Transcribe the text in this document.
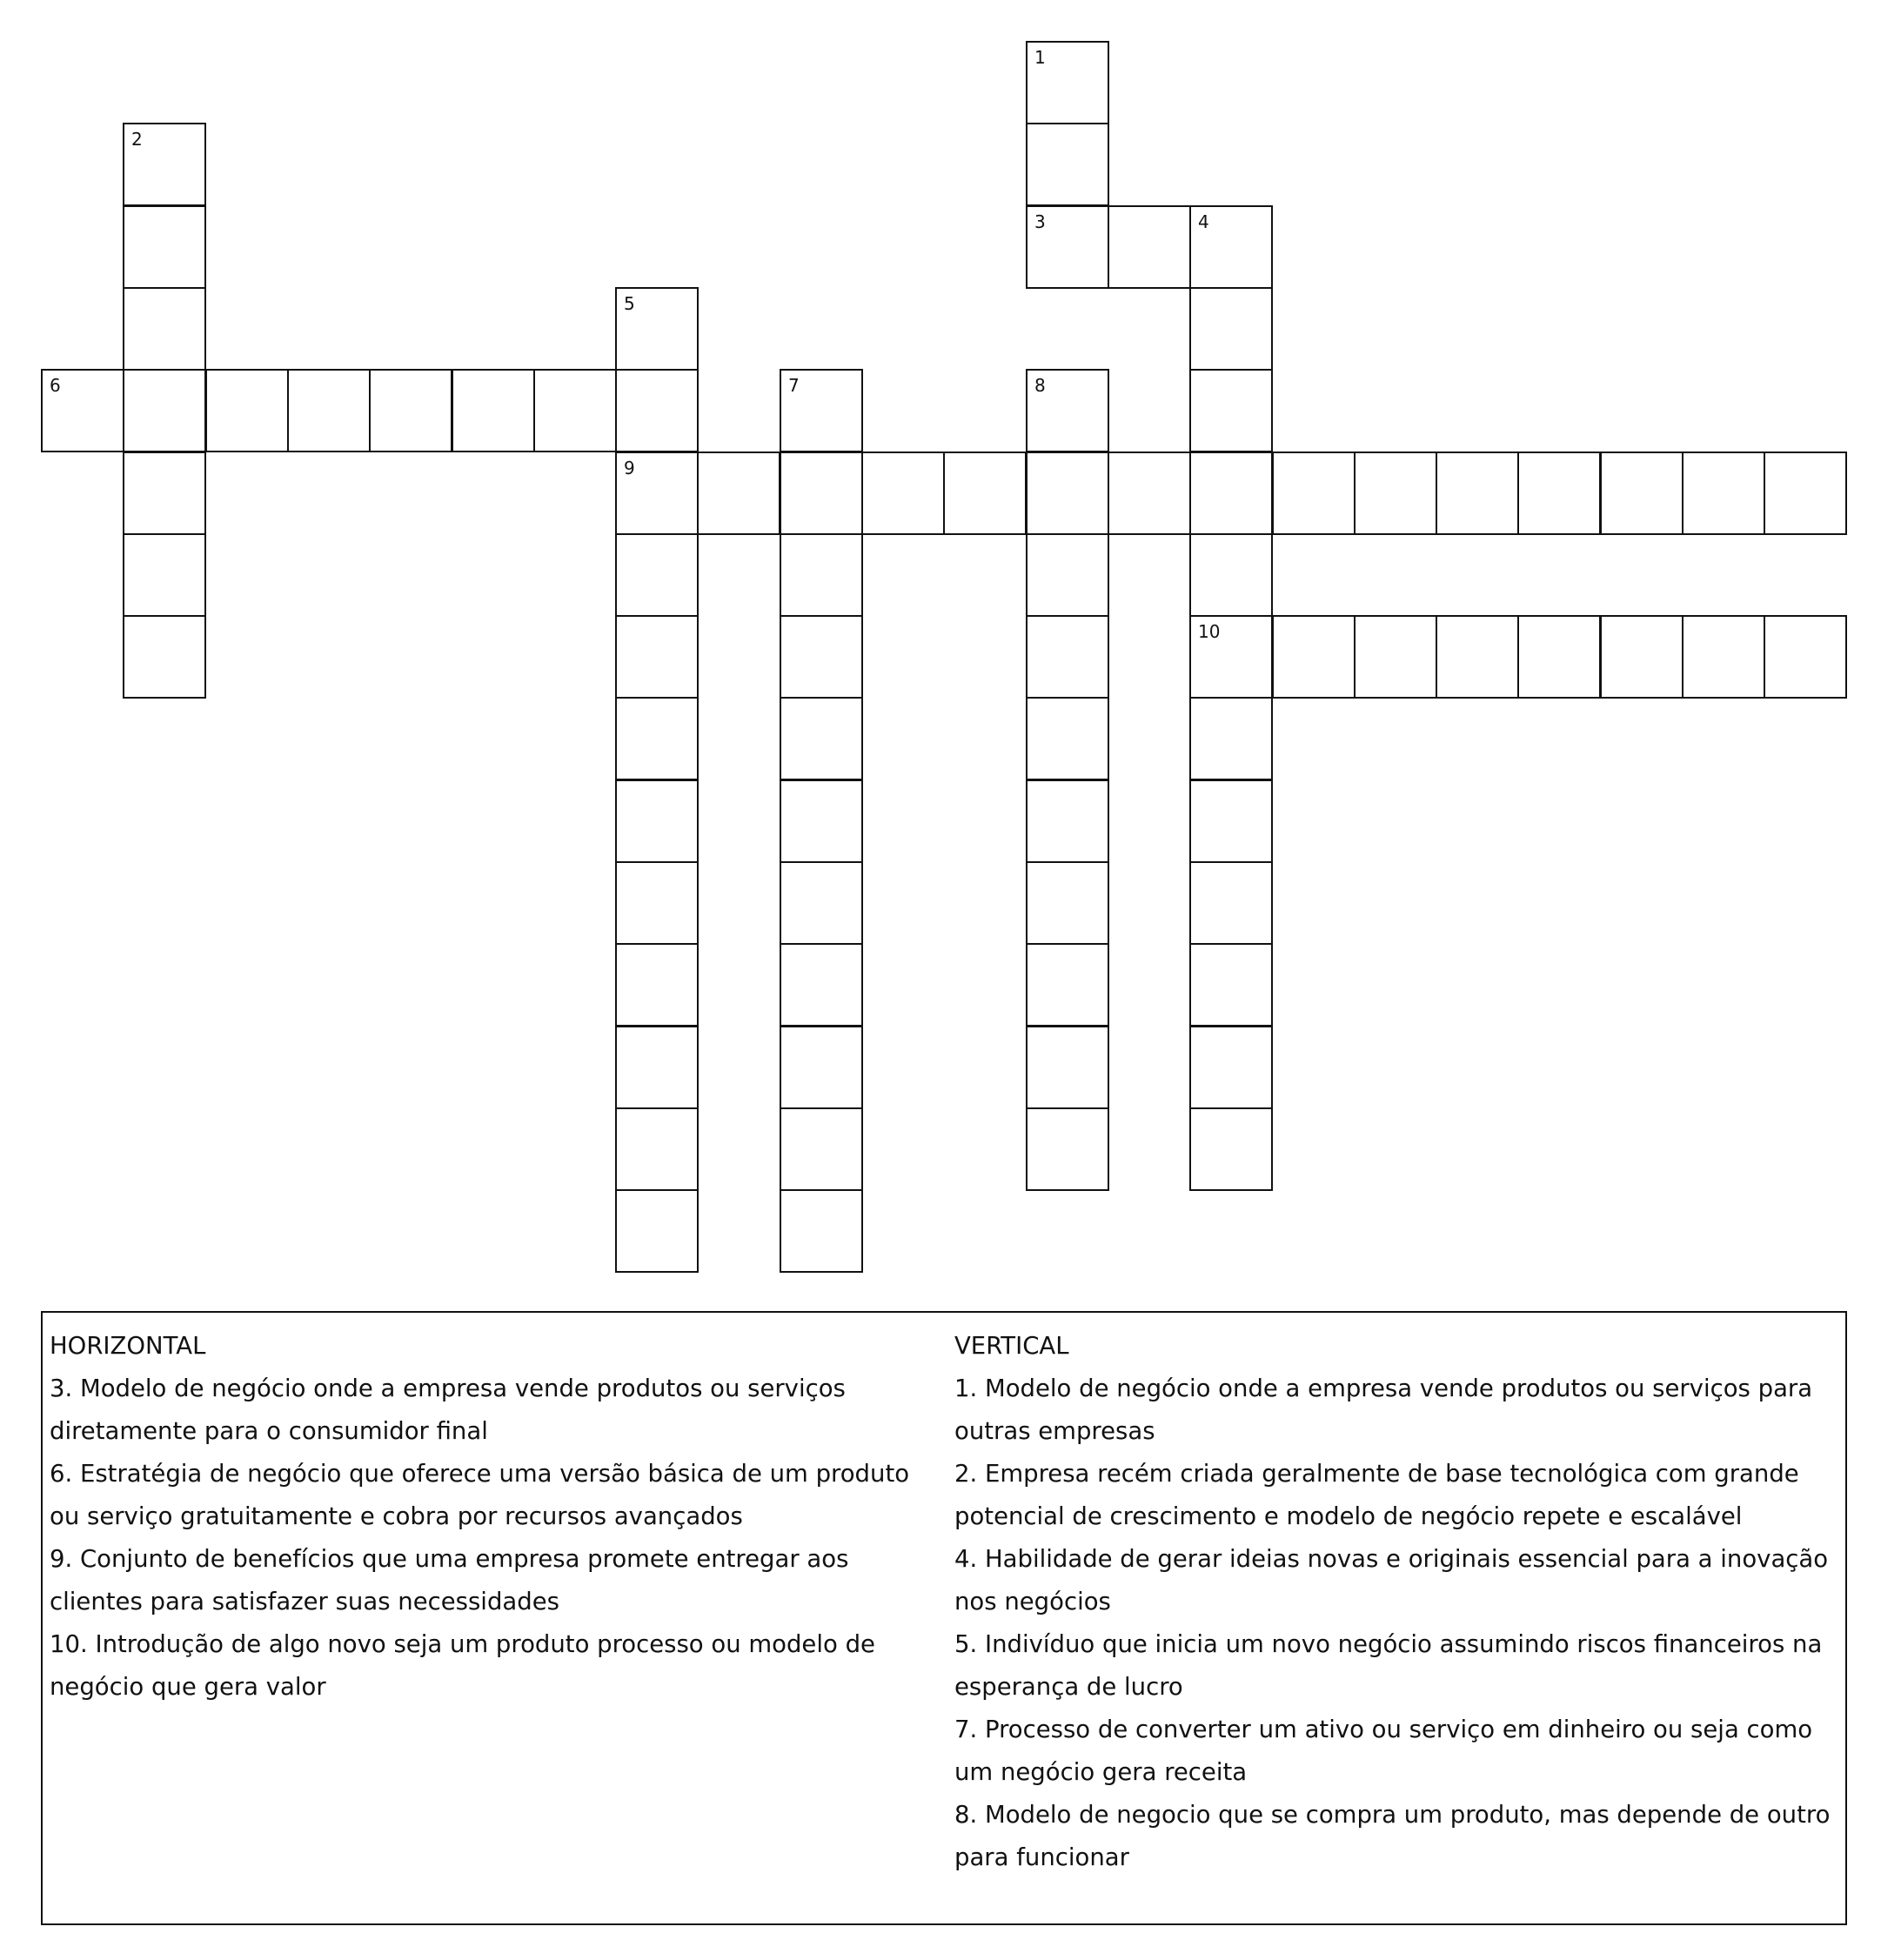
1
3	4
2
5
9
6	7	8
10
HORIZONTAL
3. Modelo de negócio onde a empresa vende produtos ou serviços diretamente para o consumidor final
6. Estratégia de negócio que oferece uma versão básica de um produto ou serviço gratuitamente e cobra por recursos avançados
9. Conjunto de benefícios que uma empresa promete entregar aos clientes para satisfazer suas necessidades
10. Introdução de algo novo seja um produto processo ou modelo de negócio que gera valor
VERTICAL
1. Modelo de negócio onde a empresa vende produtos ou serviços para outras empresas
2. Empresa recém criada geralmente de base tecnológica com grande potencial de crescimento e modelo de negócio repete e escalável
4. Habilidade de gerar ideias novas e originais essencial para a inovação nos negócios
5. Indivíduo que inicia um novo negócio assumindo riscos financeiros na esperança de lucro
7. Processo de converter um ativo ou serviço em dinheiro ou seja como um negócio gera receita
8. Modelo de negocio que se compra um produto, mas depende de outro para funcionar
